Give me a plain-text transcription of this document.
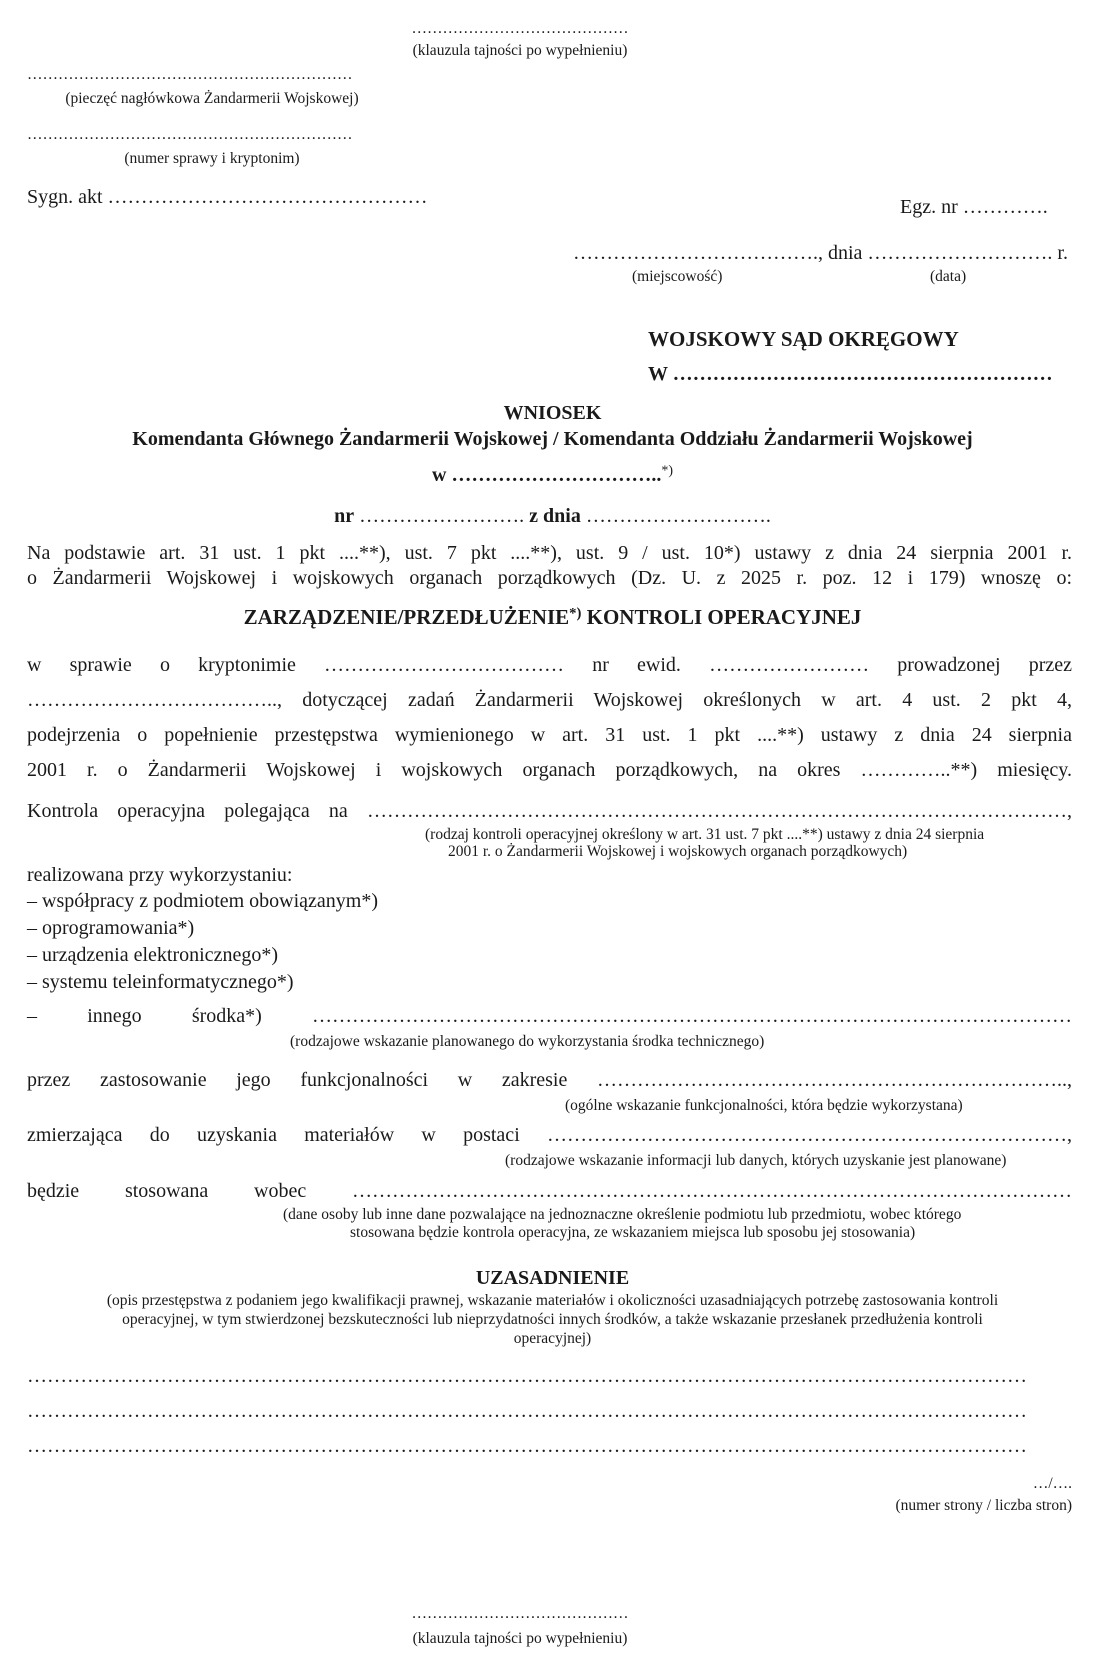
……………………………………
(klauzula tajności po wypełnieniu)
………………………………………………………
(pieczęć nagłówkowa Żandarmerii Wojskowej)
………………………………………………………
(numer sprawy i kryptonim)
Sygn. akt …………………………………………	Egz. nr ………….
………………………………., dnia ………………………. r.
(miejscowość)	(data)
WOJSKOWY SĄD OKRĘGOWY
W …………………………………………………
WNIOSEK
Komendanta Głównego Żandarmerii Wojskowej / Komendanta Oddziału Żandarmerii Wojskowej
w …………………………..*)
nr ……………………. z dnia ……………………….
Na podstawie art. 31 ust. 1 pkt ....**), ust. 7 pkt ....**), ust. 9 / ust. 10*) ustawy z dnia 24 sierpnia 2001 r.
o Żandarmerii Wojskowej i wojskowych organach porządkowych (Dz. U. z 2025 r. poz. 12 i 179) wnoszę o:
ZARZĄDZENIE/PRZEDŁUŻENIE*) KONTROLI OPERACYJNEJ
w sprawie o kryptonimie ……………………………… nr ewid. …………………… prowadzonej przez
……………………………….., dotyczącej zadań Żandarmerii Wojskowej określonych w art. 4 ust. 2 pkt 4,
podejrzenia o popełnienie przestępstwa wymienionego w art. 31 ust. 1 pkt ....**) ustawy z dnia 24 sierpnia
2001 r. o Żandarmerii Wojskowej i wojskowych organach porządkowych, na okres …………..**) miesięcy.
Kontrola operacyjna polegająca na ……………………………………………………………………………………………,
(rodzaj kontroli operacyjnej określony w art. 31 ust. 7 pkt ....**) ustawy z dnia 24 sierpnia
2001 r. o Żandarmerii Wojskowej i wojskowych organach porządkowych)
realizowana przy wykorzystaniu:
– współpracy z podmiotem obowiązanym*)
– oprogramowania*)
– urządzenia elektronicznego*)
– systemu teleinformatycznego*)
– innego środka*) ……………………………………………………………………………………………………
(rodzajowe wskazanie planowanego do wykorzystania środka technicznego)
przez zastosowanie jego funkcjonalności w zakresie ……………………………………………………………..,
(ogólne wskazanie funkcjonalności, która będzie wykorzystana)
zmierzająca do uzyskania materiałów w postaci ……………………………………………………………………,
(rodzajowe wskazanie informacji lub danych, których uzyskanie jest planowane)
będzie stosowana wobec ………………………………………………………………………………………………
(dane osoby lub inne dane pozwalające na jednoznaczne określenie podmiotu lub przedmiotu, wobec którego
stosowana będzie kontrola operacyjna, ze wskazaniem miejsca lub sposobu jej stosowania)
UZASADNIENIE
(opis przestępstwa z podaniem jego kwalifikacji prawnej, wskazanie materiałów i okoliczności uzasadniających potrzebę zastosowania kontroli
operacyjnej, w tym stwierdzonej bezskuteczności lub nieprzydatności innych środków, a także wskazanie przesłanek przedłużenia kontroli
operacyjnej)
……………………………………………………………………………………………………………………………………
……………………………………………………………………………………………………………………………………
……………………………………………………………………………………………………………………………………
…/….
(numer strony / liczba stron)
……………………………………
(klauzula tajności po wypełnieniu)
